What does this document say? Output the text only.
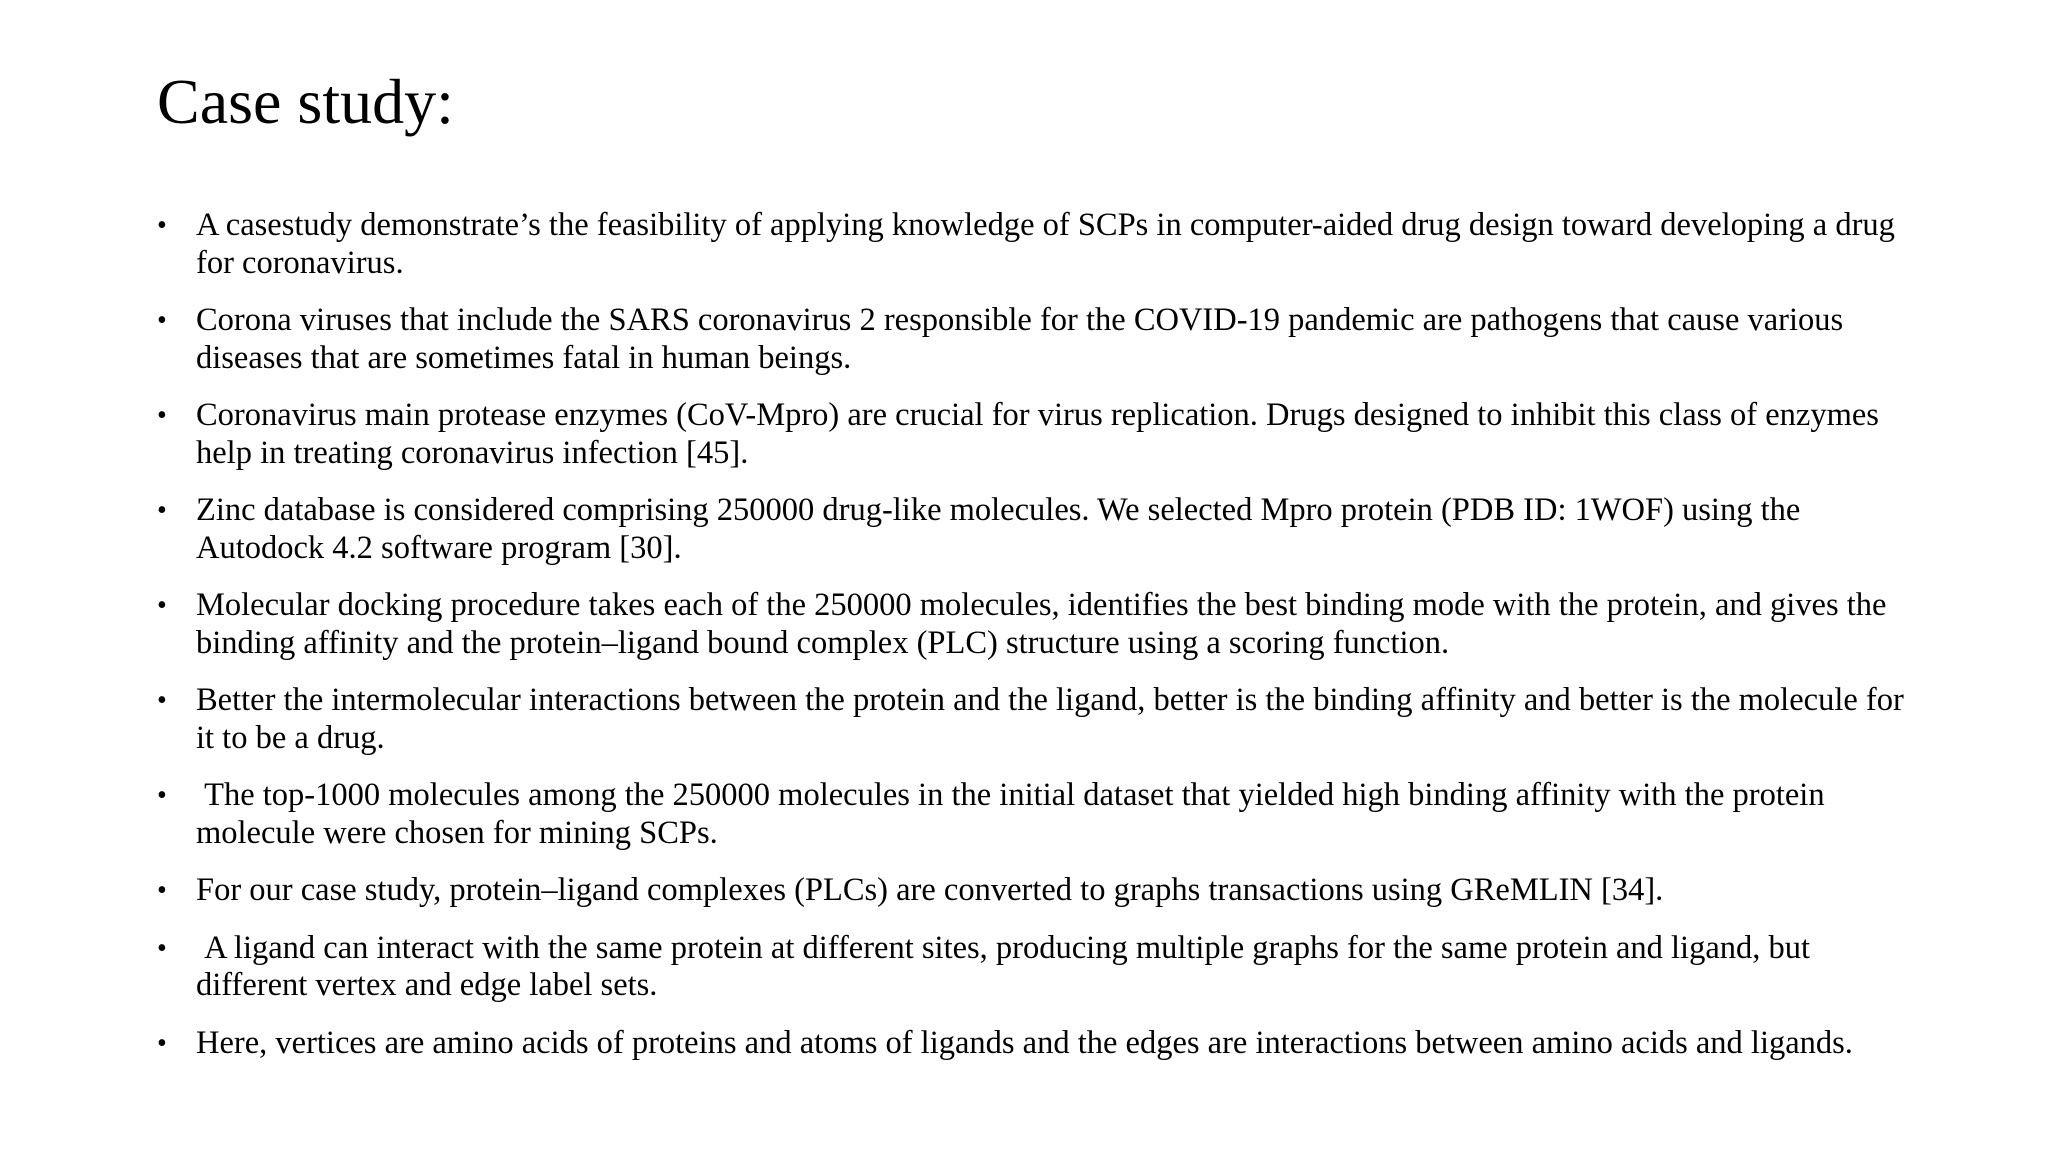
Case study:
• A casestudy demonstrate’s the feasibility of applying knowledge of SCPs in computer-aided drug design toward developing a drug for coronavirus.
• Corona viruses that include the SARS coronavirus 2 responsible for the COVID-19 pandemic are pathogens that cause various diseases that are sometimes fatal in human beings.
• Coronavirus main protease enzymes (CoV-Mpro) are crucial for virus replication. Drugs designed to inhibit this class of enzymes help in treating coronavirus infection [45].
• Zinc database is considered comprising 250000 drug-like molecules. We selected Mpro protein (PDB ID: 1WOF) using the Autodock 4.2 software program [30].
• Molecular docking procedure takes each of the 250000 molecules, identifies the best binding mode with the protein, and gives the binding affinity and the protein–ligand bound complex (PLC) structure using a scoring function.
• Better the intermolecular interactions between the protein and the ligand, better is the binding affinity and better is the molecule for it to be a drug.
• The top-1000 molecules among the 250000 molecules in the initial dataset that yielded high binding affinity with the protein molecule were chosen for mining SCPs.
• For our case study, protein–ligand complexes (PLCs) are converted to graphs transactions using GReMLIN [34].
• A ligand can interact with the same protein at different sites, producing multiple graphs for the same protein and ligand, but different vertex and edge label sets.
• Here, vertices are amino acids of proteins and atoms of ligands and the edges are interactions between amino acids and ligands.
